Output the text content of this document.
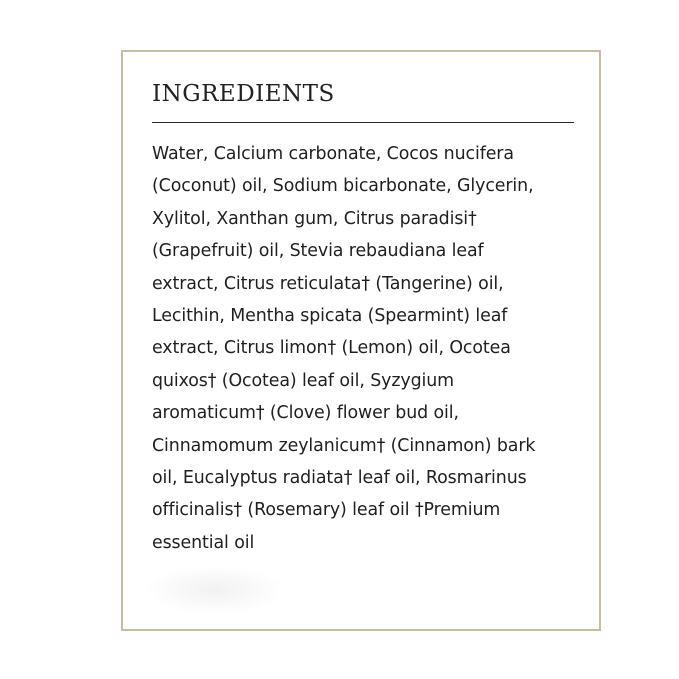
INGREDIENTS

Water, Calcium carbonate, Cocos nucifera
(Coconut) oil, Sodium bicarbonate, Glycerin,
Xylitol, Xanthan gum, Citrus paradisi†
(Grapefruit) oil, Stevia rebaudiana leaf
extract, Citrus reticulata† (Tangerine) oil,
Lecithin, Mentha spicata (Spearmint) leaf
extract, Citrus limon† (Lemon) oil, Ocotea
quixos† (Ocotea) leaf oil, Syzygium
aromaticum† (Clove) flower bud oil,
Cinnamomum zeylanicum† (Cinnamon) bark
oil, Eucalyptus radiata† leaf oil, Rosmarinus
officinalis† (Rosemary) leaf oil †Premium
essential oil
